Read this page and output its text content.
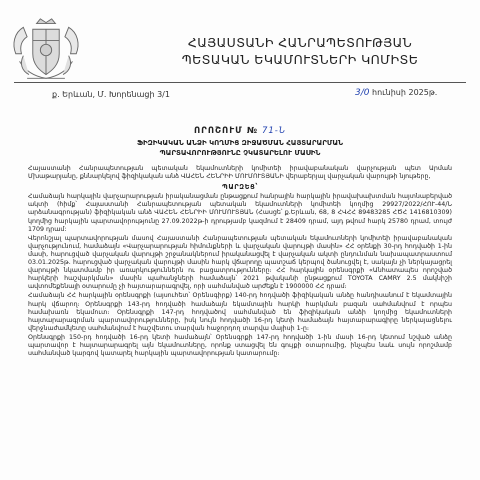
ՀԱՅԱՍՏԱՆԻ ՀԱՆՐԱՊԵՏՈՒԹՅԱՆ
ՊԵՏԱԿԱՆ ԵԿԱՄՈՒՏՆԵՐԻ ԿՈՄԻՏԵ
ք. Երևան, Մ. Խորենացի 3/1	3/0 հունիսի 2025թ.
ՈՐՈՇՈՒՄ № 71-Ն
ՖԻԶԻԿԱԿԱՆ ԱՆՁԻ ԿՈՂՄԻՑ ԶԻՋԱԾՄԱՆ ՀԱՅՏԱՐԱՐՄԱՆ
ՊԱՐՏԱՎՈՐՈՒԹՅՈՒՆԸ ՉԿԱՏԱՐԵԼՈՒ ՄԱՍԻՆ

Հայաստանի Հանրապետության պետական եկամուտների կոմիտեի իրավաբանական վարչության պետ Արման Մխաթարյանը, քննարկելով ֆիզիկական անձ ՎԱՀԵՆ ՀԵՆՐԻԻ ՄՈՒՄՈՒՏՅԱՆԻ վերաբերյալ վարչական վարույթի նյութերը,

ՊԱՐԶԵՑ՝

Համաձայն հարկային վարչարարության իրականացման ընթացքում հանրային հարկային իրավախախտման հայտնաբերված ակտի (հիմք՝ Հայաստանի Հանրապետության պետական եկամուտների կոմիտեի կողմից 29927/2022/ՀՈՒ-44/Ն արձանագրության) ֆիզիկական անձ ՎԱՀԵՆ ՀԵՆՐԻԻ ՄՈՒՄՈՒՏՅԱՆ (Հասցե՝ ք.Երևան, 68, 8 ՀՎՀՀ 89483285 ՀԾՀ 1416810309) կողմից հարկային պարտավորությունը 27.09.2022թ-ի դրությամբ կազմում է 28409 դրամ, այդ թվում հարկ 25780 դրամ, տույժ 1709 դրամ:

Վերոնշյալ պարտավորության մասով Հայաստանի Հանրապետության պետական եկամուտների կոմիտեի իրավաբանական վարչությունում, համաձայն «Վարչարարության հիմունքների և վարչական վարույթի մասին» ՀՀ օրենքի 30-րդ հոդվածի 1-ին մասի, հարուցված վարչական վարույթի շրջանակներում իրականացվել է վարչական ակտի ընդունման նախապատրաստում 03.01.2025թ. հարուցված վարչական վարույթի մասին հարկ վճարողը պատշաճ կերպով ծանուցվել է, սակայն չի ներկայացրել վարույթի նկատմամբ իր առարկություններն ու բացատրությունները։ ՀՀ հարկային օրենսգրքի «Անհատապես որոշված հարկերի հաշվարկման» մասին պահանջների համաձայն՝ 2021 թվականի ընթացքում TOYOTA CAMRY 2.5 մակնիշի ավտոմեքենայի օտարումը չի հայտարարագրվել, որի սահմանված արժեքն է 1900000 ՀՀ դրամ։

Համաձայն ՀՀ հարկային օրենսգրքի (այսուհետ՝ Օրենսգիրք) 140-րդ հոդվածի ֆիզիկական անձը հանդիսանում է եկամտային հարկ վճարող։ Օրենսգրքի 143-րդ հոդվածի համաձայն եկամտային հարկի հարկման բազան սահմանվում է որպես համախառն եկամուտ։ Օրենսգրքի 147-րդ հոդվածով սահմանված են ֆիզիկական անձի կողմից եկամուտների հայտարարագրման պարտավորությունները, իսկ նույն հոդվածի 16-րդ կետի համաձայն հայտարարագիրը ներկայացնելու վերջնաժամկետը սահմանվում է հաշվետու տարվան հաջորդող տարվա մայիսի 1-ը։

Օրենսգրքի 150-րդ հոդվածի 16-րդ կետի համաձայն՝ Օրենսգրքի 147-րդ հոդվածի 1-ին մասի 16-րդ կետում նշված անձը պարտավոր է հայտարարագրել այն եկամուտները, որոնք ստացվել են գույքի օտարումից, ինչպես նաև սույն որոշմամբ սահմանված կարգով կատարել հարկային պարտավորության կատարումը։
